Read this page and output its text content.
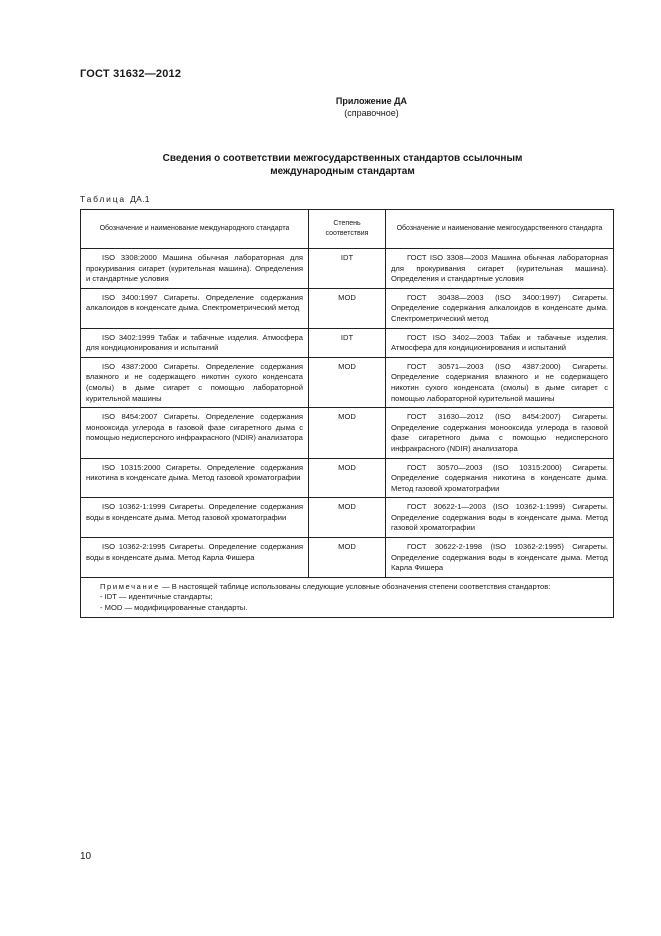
ГОСТ 31632—2012
Приложение ДА
(справочное)
Сведения о соответствии межгосударственных стандартов ссылочным
международным стандартам
Таблица ДА.1
Обозначение и наименование международного стандарта	Степень соответствия	Обозначение и наименование межгосударственного стандарта
ISO 3308:2000 Машина обычная лабораторная для прокуривания сигарет (курительная машина). Определения и стандартные условия	IDT	ГОСТ ISO 3308—2003 Машина обычная лабораторная для прокуривания сигарет (курительная машина). Определения и стандартные условия
ISO 3400:1997 Сигареты. Определение содержания алкалоидов в конденсате дыма. Спектрометрический метод	MOD	ГОСТ 30438—2003 (ISO 3400:1997) Сигареты. Определение содержания алкалоидов в конденсате дыма. Спектрометрический метод
ISO 3402:1999 Табак и табачные изделия. Атмосфера для кондиционирования и испытаний	IDT	ГОСТ ISO 3402—2003 Табак и табачные изделия. Атмосфера для кондиционирования и испытаний
ISO 4387:2000 Сигареты. Определение содержания влажного и не содержащего никотин сухого конденсата (смолы) в дыме сигарет с помощью лабораторной курительной машины	MOD	ГОСТ 30571—2003 (ISO 4387:2000) Сигареты. Определение содержания влажного и не содержащего никотин сухого конденсата (смолы) в дыме сигарет с помощью лабораторной курительной машины
ISO 8454:2007 Сигареты. Определение содержания монооксида углерода в газовой фазе сигаретного дыма с помощью недисперсного инфракрасного (NDIR) анализатора	MOD	ГОСТ 31630—2012 (ISO 8454:2007) Сигареты. Определение содержания монооксида углерода в газовой фазе сигаретного дыма с помощью недисперсного инфракрасного (NDIR) анализатора
ISO 10315:2000 Сигареты. Определение содержания никотина в конденсате дыма. Метод газовой хроматографии	MOD	ГОСТ 30570—2003 (ISO 10315:2000) Сигареты. Определение содержания никотина в конденсате дыма. Метод газовой хроматографии
ISO 10362-1:1999 Сигареты. Определение содержания воды в конденсате дыма. Метод газовой хроматографии	MOD	ГОСТ 30622-1—2003 (ISO 10362-1:1999) Сигареты. Определение содержания воды в конденсате дыма. Метод газовой хроматографии
ISO 10362-2:1995 Сигареты. Определение содержания воды в конденсате дыма. Метод Карла Фишера	MOD	ГОСТ 30622-2-1998 (ISO 10362-2:1995) Сигареты. Определение содержания воды в конденсате дыма. Метод Карла Фишера

Примечание — В настоящей таблице использованы следующие условные обозначения степени соответствия стандартов:
- IDT — идентичные стандарты;
- MOD — модифицированные стандарты.		
10
